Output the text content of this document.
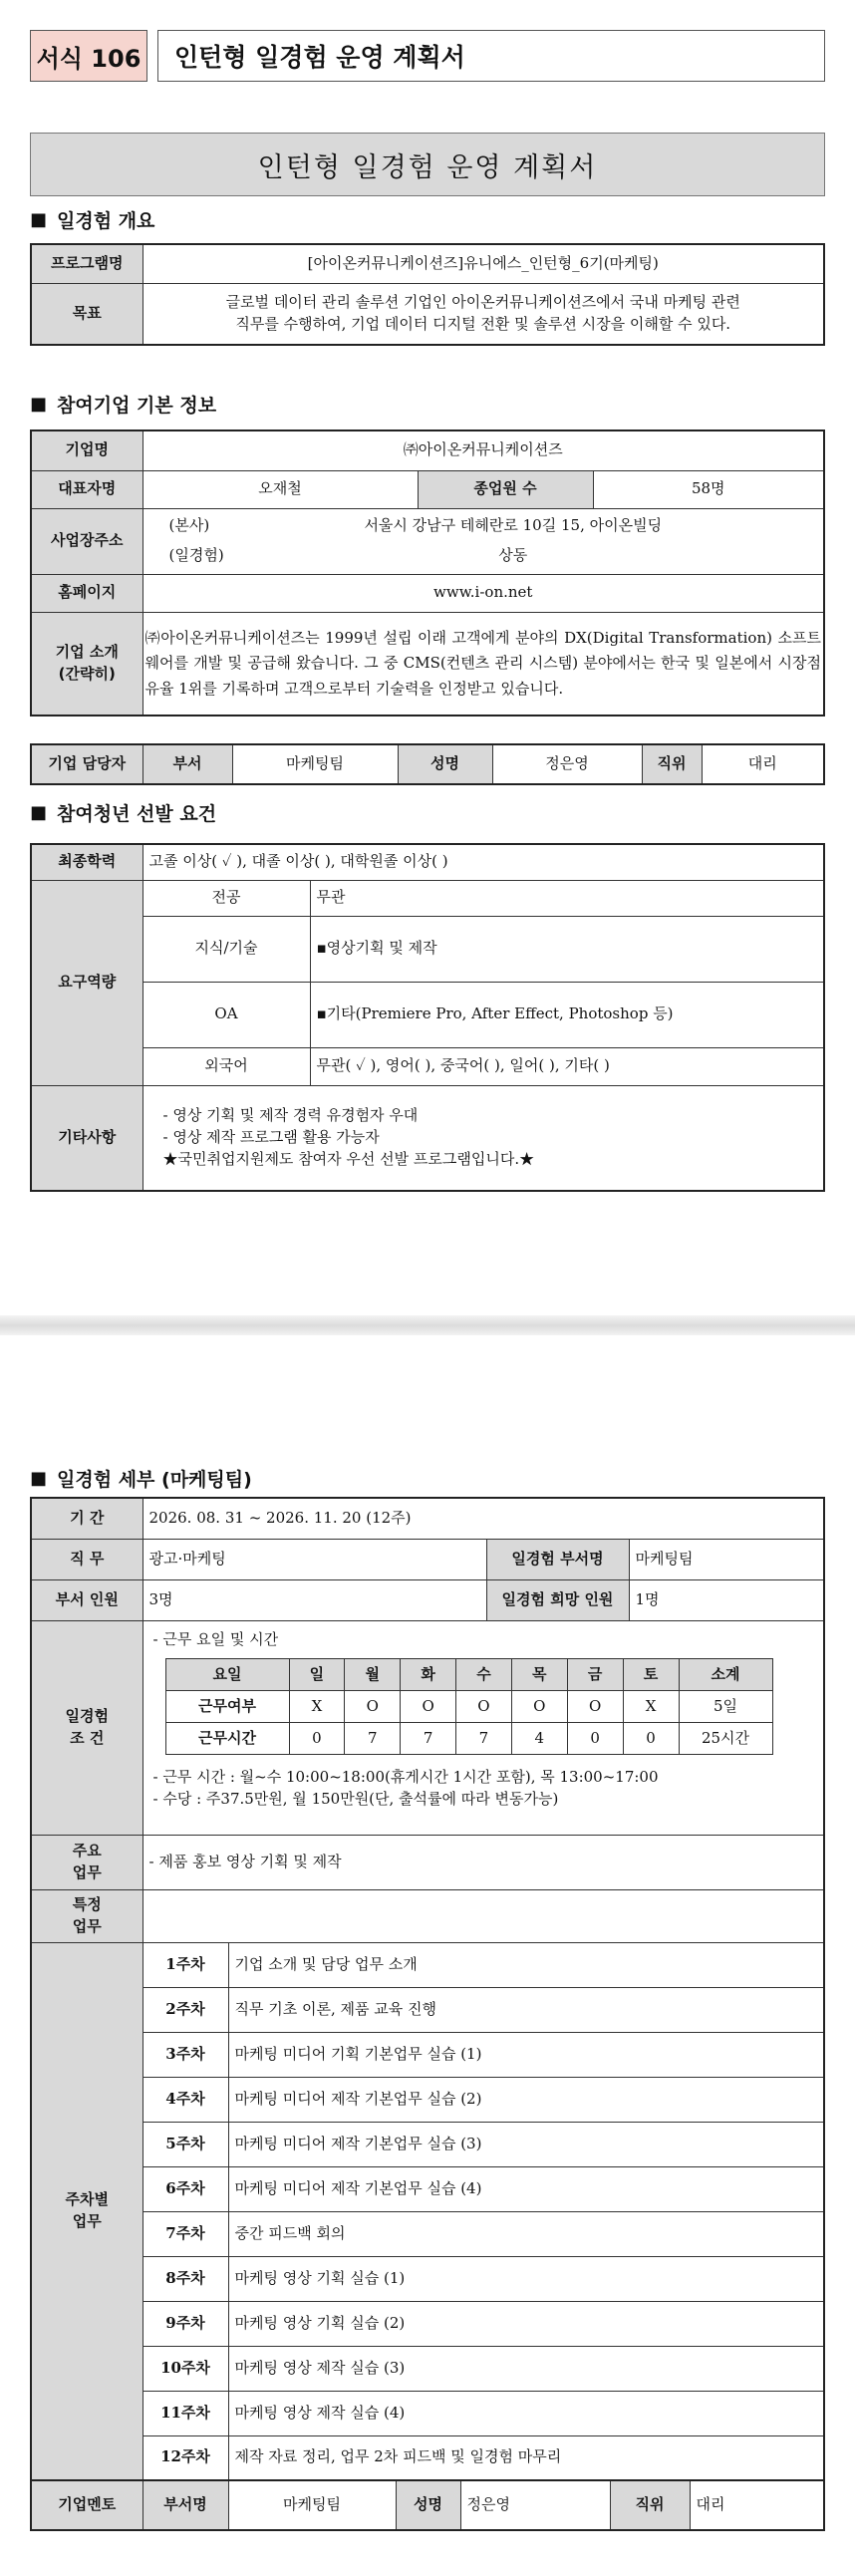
서식 106	인턴형 일경험 운영 계획서
인턴형 일경험 운영 계획서
■ 일경험 개요
프로그램명	[아이온커뮤니케이션즈]유니에스_인턴형_6기(마케팅)
목표	글로벌 데이터 관리 솔루션 기업인 아이온커뮤니케이션즈에서 국내 마케팅 관련
직무를 수행하여, 기업 데이터 디지털 전환 및 솔루션 시장을 이해할 수 있다.
■ 참여기업 기본 정보
기업명	㈜아이온커뮤니케이션즈		
대표자명	오재철	종업원 수	58명
사업장주소	(본사) 서울시 강남구 테헤란로 10길 15, 아이온빌딩
(일경험) 상동		

홈페이지	www.i-on.net		

기업 소개
(간략히)	㈜아이온커뮤니케이션즈는 1999년 설립 이래 고객에게 분야의 DX(Digital Transformation) 소프트웨어를 개발 및 공급해 왔습니다. 그 중 CMS(컨텐츠 관리 시스템) 분야에서는 한국 및 일본에서 시장점유율 1위를 기록하며 고객으로부터 기술력을 인정받고 있습니다.		
기업 담당자	부서	마케팅팀	성명	정은영	직위	대리
■ 참여청년 선발 요건
최종학력	고졸 이상( ✓ ), 대졸 이상( ), 대학원졸 이상( )	
요구역량	전공	무관
	지식/기술	▪영상기획 및 제작
	OA	▪기타(Premiere Pro, After Effect, Photoshop 등)
	외국어	무관( ✓ ), 영어( ), 중국어( ), 일어( ), 기타( )
기타사항	- 영상 기획 및 제작 경력 유경험자 우대
- 영상 제작 프로그램 활용 가능자
★국민취업지원제도 참여자 우선 선발 프로그램입니다.★	
■ 일경험 세부 (마케팅팀)
기 간	2026. 08. 31 ~ 2026. 11. 20 (12주)
직 무	광고·마케팅	일경험 부서명	마케팅팀
부서 인원	3명	일경험 희망 인원	1명

일경험
조 건

- 근무 요일 및 시간
요일	일	월	화	수	목	금	토	소계
근무여부	X	O	O	O	O	O	X	5일
근무시간	0	7	7	7	4	0	0	25시간
- 근무 시간 : 월~수 10:00~18:00(휴게시간 1시간 포함), 목 13:00~17:00
- 수당 : 주37.5만원, 월 150만원(단, 출석률에 따라 변동가능)

주요
업무
	- 제품 홍보 영상 기획 및 제작

특정
업무

주차별
업무
	1주차	기업 소개 및 담당 업무 소개
2주차	직무 기초 이론, 제품 교육 진행
3주차	마케팅 미디어 기획 기본업무 실습 (1)
4주차	마케팅 미디어 제작 기본업무 실습 (2)
5주차	마케팅 미디어 제작 기본업무 실습 (3)
6주차	마케팅 미디어 제작 기본업무 실습 (4)
7주차	중간 피드백 회의
8주차	마케팅 영상 기획 실습 (1)
9주차	마케팅 영상 기획 실습 (2)
10주차	마케팅 영상 제작 실습 (3)
11주차	마케팅 영상 제작 실습 (4)
12주차	제작 자료 정리, 업무 2차 피드백 및 일경험 마무리
기업멘토	부서명	마케팅팀	성명	정은영	직위	대리
